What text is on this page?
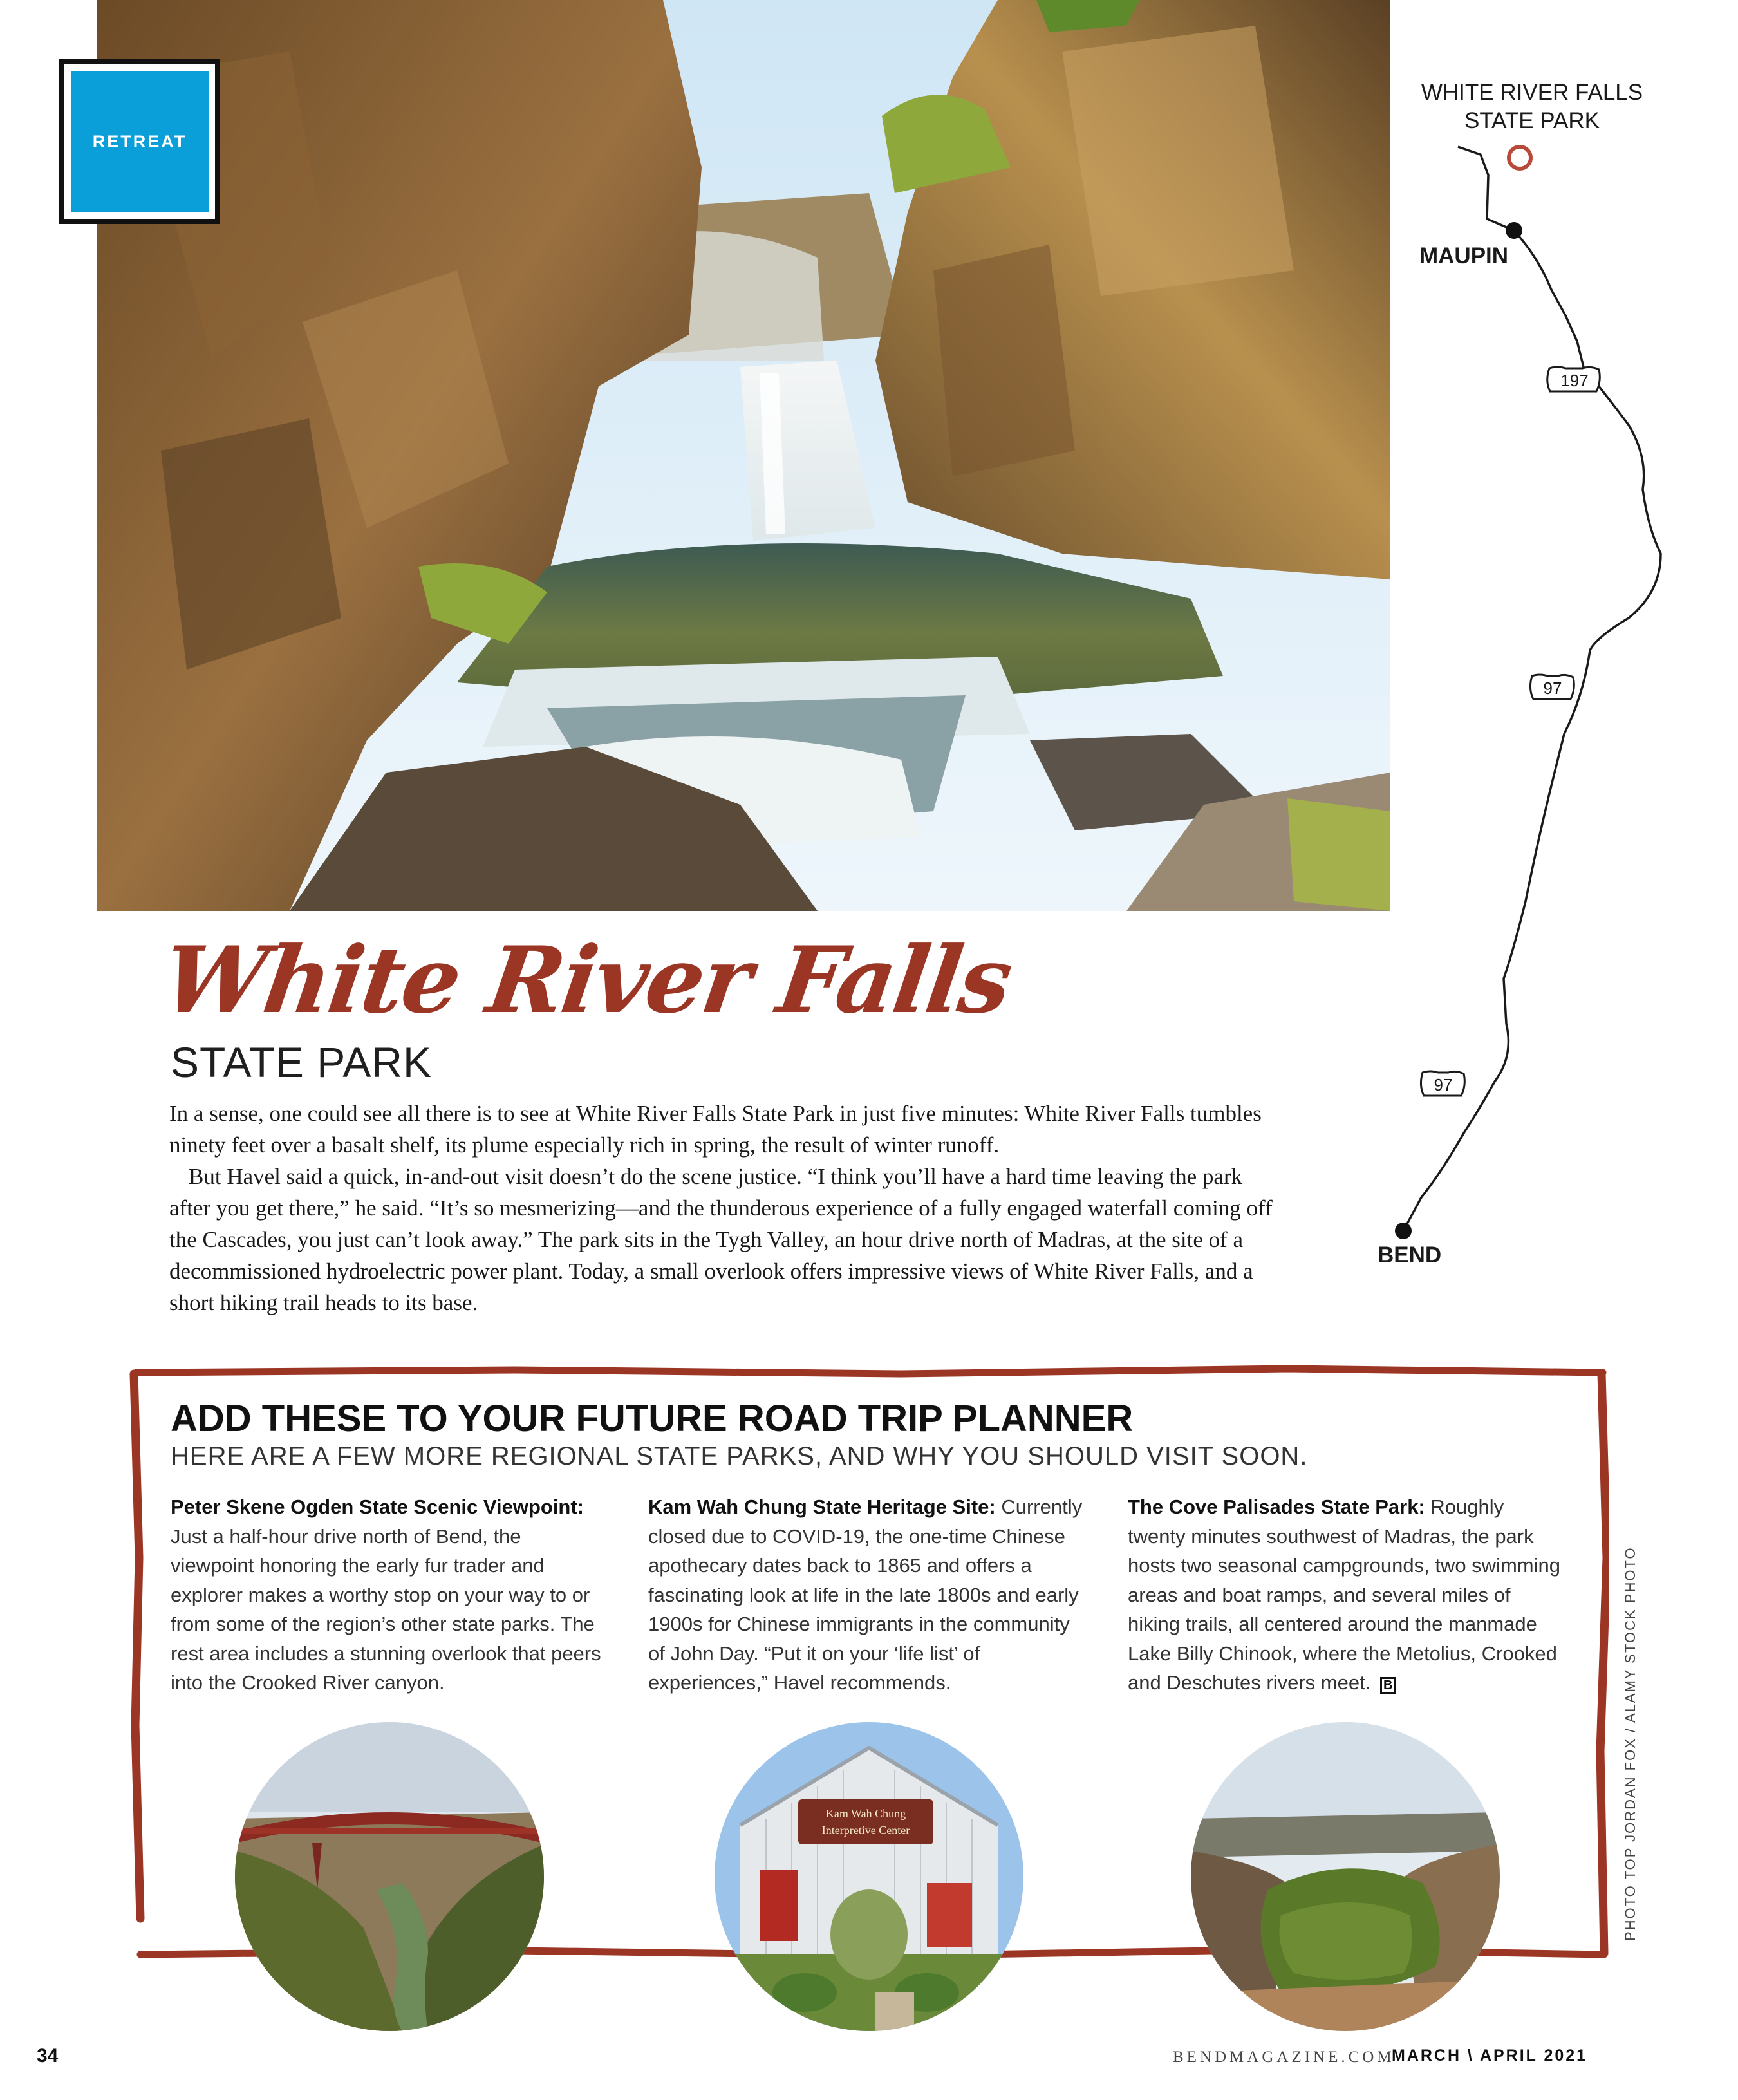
RETREAT
197
97
97
WHITE RIVER FALLS
STATE PARK
MAUPIN
BEND
White River Falls
STATE PARK

In a sense, one could see all there is to see at White River Falls State Park in just five minutes: White River Falls tumbles ninety feet over a basalt shelf, its plume especially rich in spring, the result of winter runoff.

But Havel said a quick, in-and-out visit doesn’t do the scene justice. “I think you’ll have a hard time leaving the park after you get there,” he said. “It’s so mesmerizing—and the thunderous experience of a fully engaged waterfall coming off the Cascades, you just can’t look away.” The park sits in the Tygh Valley, an hour drive north of Madras, at the site of a decommissioned hydroelectric power plant. Today, a small overlook offers impressive views of White River Falls, and a short hiking trail heads to its base.

ADD THESE TO YOUR FUTURE ROAD TRIP PLANNER
HERE ARE A FEW MORE REGIONAL STATE PARKS, AND WHY YOU SHOULD VISIT SOON.
Peter Skene Ogden State Scenic Viewpoint: Just a half-hour drive north of Bend, the viewpoint honoring the early fur trader and explorer makes a worthy stop on your way to or from some of the region’s other state parks. The rest area includes a stunning overlook that peers into the Crooked River canyon.
Kam Wah Chung State Heritage Site: Currently closed due to COVID-19, the one-time Chinese apothecary dates back to 1865 and offers a fascinating look at life in the late 1800s and early 1900s for Chinese immigrants in the community of John Day. “Put it on your ‘life list’ of experiences,” Havel recommends.
The Cove Palisades State Park: Roughly twenty minutes southwest of Madras, the park hosts two seasonal campgrounds, two swimming areas and boat ramps, and several miles of hiking trails, all centered around the manmade Lake Billy Chinook, where the Metolius, Crooked and Deschutes rivers meet. B
Kam Wah Chung
Interpretive Center	PHOTO TOP JORDAN FOX / ALAMY STOCK PHOTO
34	BENDMAGAZINE.COM
MARCH \ APRIL 2021
